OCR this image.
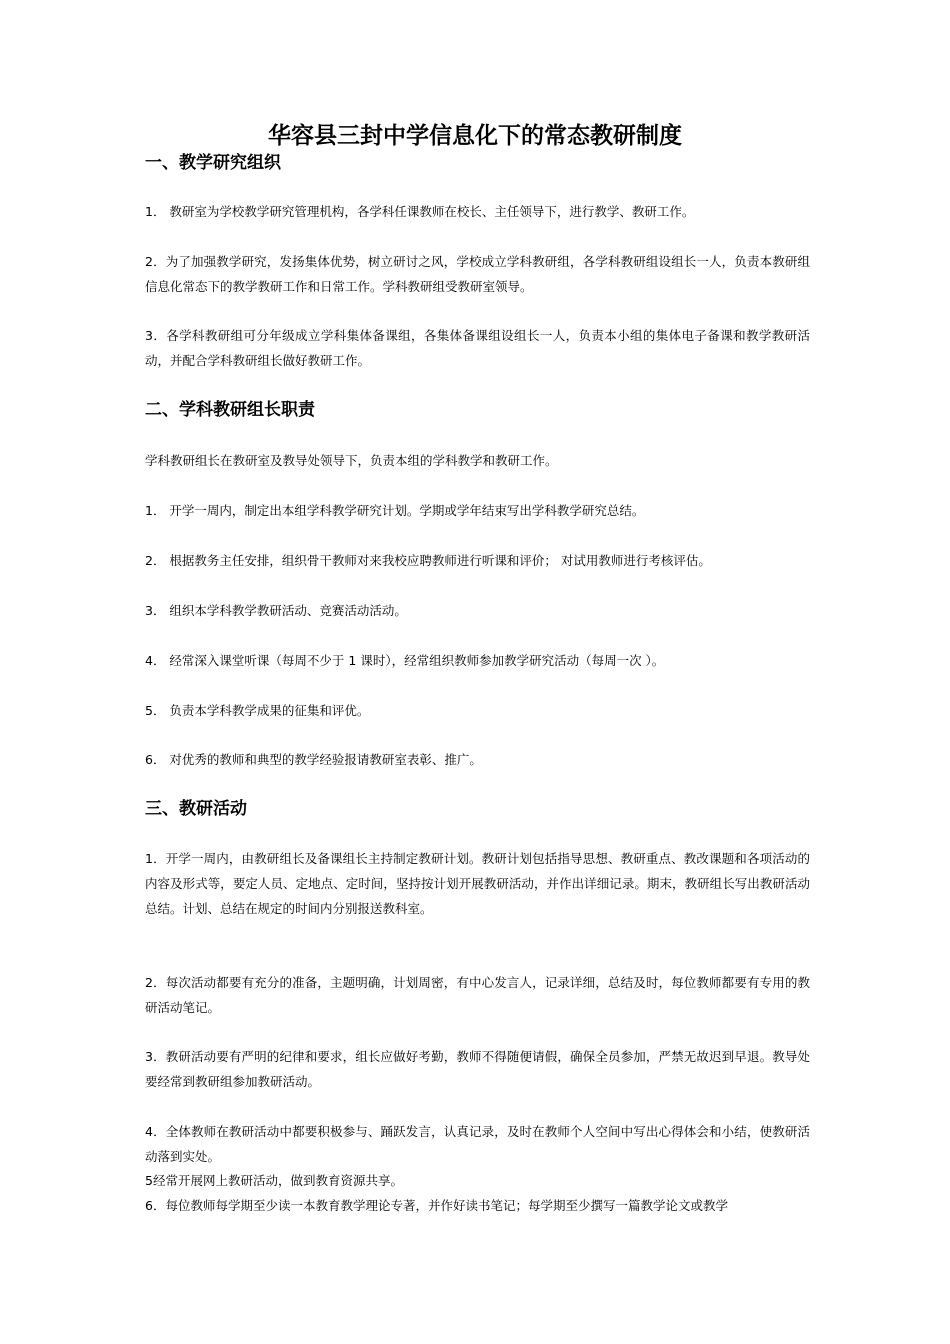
华容县三封中学信息化下的常态教研制度
一、教学研究组织
1． 教研室为学校教学研究管理机构，各学科任课教师在校长、主任领导下，进行教学、教研工作。
2．为了加强教学研究，发扬集体优势，树立研讨之风，学校成立学科教研组，各学科教研组设组长一人，负责本教研组信息化常态下的教学教研工作和日常工作。学科教研组受教研室领导。
3．各学科教研组可分年级成立学科集体备课组，各集体备课组设组长一人，负责本小组的集体电子备课和教学教研活动，并配合学科教研组长做好教研工作。
二、学科教研组长职责
学科教研组长在教研室及教导处领导下，负责本组的学科教学和教研工作。
1． 开学一周内，制定出本组学科教学研究计划。学期或学年结束写出学科教学研究总结。
2． 根据教务主任安排，组织骨干教师对来我校应聘教师进行听课和评价； 对试用教师进行考核评估。
3． 组织本学科教学教研活动、竞赛活动活动。
4． 经常深入课堂听课（每周不少于 1 课时），经常组织教师参加教学研究活动（每周一次 ）。
5． 负责本学科教学成果的征集和评优。
6． 对优秀的教师和典型的教学经验报请教研室表彰、推广。
三、教研活动
1．开学一周内，由教研组长及备课组长主持制定教研计划。教研计划包括指导思想、教研重点、教改课题和各项活动的内容及形式等，要定人员、定地点、定时间，坚持按计划开展教研活动，并作出详细记录。期末，教研组长写出教研活动总结。计划、总结在规定的时间内分别报送教科室。
2．每次活动都要有充分的准备，主题明确，计划周密，有中心发言人，记录详细，总结及时，每位教师都要有专用的教研活动笔记。
3．教研活动要有严明的纪律和要求，组长应做好考勤，教师不得随便请假，确保全员参加，严禁无故迟到早退。教导处要经常到教研组参加教研活动。
4．全体教师在教研活动中都要积极参与、踊跃发言，认真记录，及时在教师个人空间中写出心得体会和小结，使教研活动落到实处。
5经常开展网上教研活动，做到教育资源共享。
6．每位教师每学期至少读一本教育教学理论专著，并作好读书笔记；每学期至少撰写一篇教学论文或教学
